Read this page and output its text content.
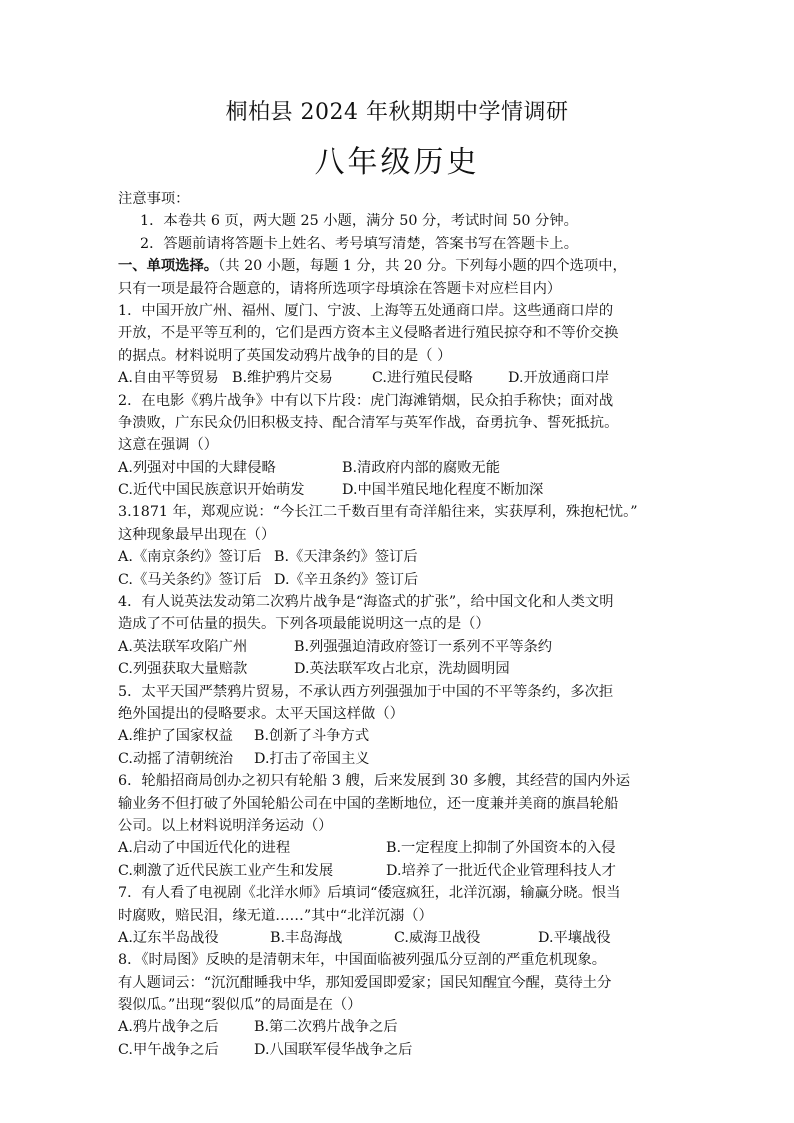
桐柏县 2024 年秋期期中学情调研
八年级历史
注意事项：
1．本卷共 6 页，两大题 25 小题，满分 50 分，考试时间 50 分钟。
2．答题前请将答题卡上姓名、考号填写清楚，答案书写在答题卡上。
一、单项选择。（共 20 小题，每题 1 分，共 20 分。下列每小题的四个选项中，
只有一项是最符合题意的，请将所选项字母填涂在答题卡对应栏目内）
1．中国开放广州、福州、厦门、宁波、上海等五处通商口岸。这些通商口岸的
开放，不是平等互利的，它们是西方资本主义侵略者进行殖民掠夺和不等价交换
的据点。材料说明了英国发动鸦片战争的目的是（ ）
A.自由平等贸易 B.维护鸦片交易	C.进行殖民侵略 D.开放通商口岸
2．在电影《鸦片战争》中有以下片段：虎门海滩销烟，民众拍手称快；面对战
争溃败，广东民众仍旧积极支持、配合清军与英军作战，奋勇抗争、誓死抵抗。
这意在强调（）
A.列强对中国的大肆侵略	B.清政府内部的腐败无能
C.近代中国民族意识开始萌发	D.中国半殖民地化程度不断加深
3.1871 年，郑观应说：“今长江二千数百里有奇洋船往来，实获厚利，殊抱杞忧。”
这种现象最早出现在（）
A.《南京条约》签订后 B.《天津条约》签订后
C.《马关条约》签订后 D.《辛丑条约》签订后
4．有人说英法发动第二次鸦片战争是“海盗式的扩张”，给中国文化和人类文明
造成了不可估量的损失。下列各项最能说明这一点的是（）
A.英法联军攻陷广州	B.列强强迫清政府签订一系列不平等条约
C.列强获取大量赔款	D.英法联军攻占北京，洗劫圆明园
5．太平天国严禁鸦片贸易，不承认西方列强强加于中国的不平等条约，多次拒
绝外国提出的侵略要求。太平天国这样做（）
A.维护了国家权益 B.创新了斗争方式
C.动摇了清朝统治 D.打击了帝国主义
6．轮船招商局创办之初只有轮船 3 艘，后来发展到 30 多艘，其经营的国内外运
输业务不但打破了外国轮船公司在中国的垄断地位，还一度兼并美商的旗昌轮船
公司。以上材料说明洋务运动（）
A.启动了中国近代化的进程	B.一定程度上抑制了外国资本的入侵
C.刺激了近代民族工业产生和发展	D.培养了一批近代企业管理科技人才
7．有人看了电视剧《北洋水师》后填词“倭寇疯狂，北洋沉溺，输赢分晓。恨当
时腐败，赔民泪，缘无道……”其中“北洋沉溺（）
A.辽东半岛战役	B.丰岛海战	C.威海卫战役	D.平壤战役
8．《时局图》反映的是清朝末年，中国面临被列强瓜分豆剖的严重危机现象。
有人题词云：“沉沉酣睡我中华，那知爱国即爱家；国民知醒宜今醒，莫待土分
裂似瓜。”出现“裂似瓜”的局面是在（）
A.鸦片战争之后 B.第二次鸦片战争之后
C.甲午战争之后 D.八国联军侵华战争之后
